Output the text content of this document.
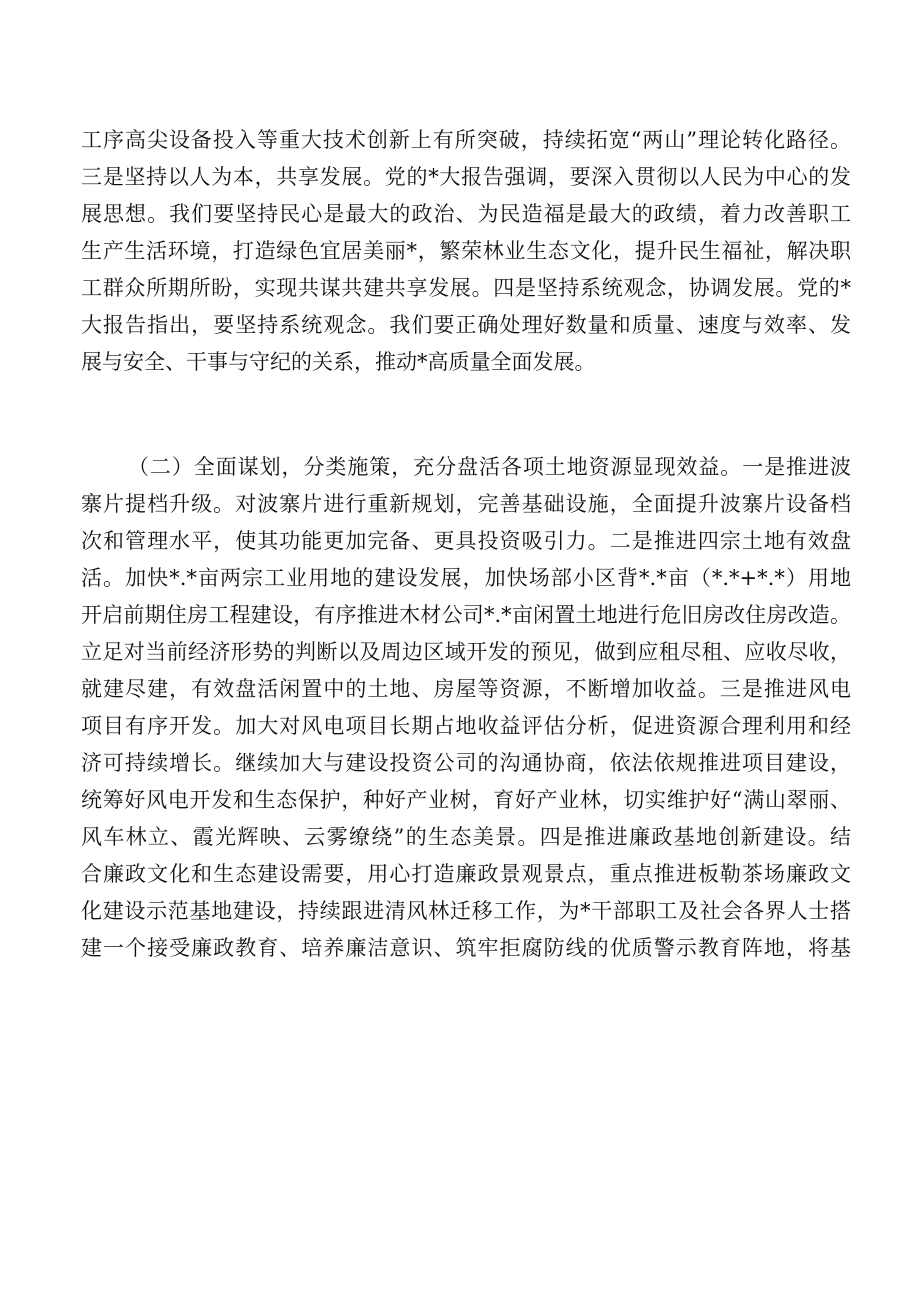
工序高尖设备投入等重大技术创新上有所突破，持续拓宽“两山”理论转化路径。
三是坚持以人为本，共享发展。党的*大报告强调，要深入贯彻以人民为中心的发
展思想。我们要坚持民心是最大的政治、为民造福是最大的政绩，着力改善职工
生产生活环境，打造绿色宜居美丽*，繁荣林业生态文化，提升民生福祉，解决职
工群众所期所盼，实现共谋共建共享发展。四是坚持系统观念，协调发展。党的*
大报告指出，要坚持系统观念。我们要正确处理好数量和质量、速度与效率、发
展与安全、干事与守纪的关系，推动*高质量全面发展。
（二）全面谋划，分类施策，充分盘活各项土地资源显现效益。一是推进波
寨片提档升级。对波寨片进行重新规划，完善基础设施，全面提升波寨片设备档
次和管理水平，使其功能更加完备、更具投资吸引力。二是推进四宗土地有效盘
活。加快*.*亩两宗工业用地的建设发展，加快场部小区背*.*亩（*.*+*.*）用地
开启前期住房工程建设，有序推进木材公司*.*亩闲置土地进行危旧房改住房改造。
立足对当前经济形势的判断以及周边区域开发的预见，做到应租尽租、应收尽收，
就建尽建，有效盘活闲置中的土地、房屋等资源，不断增加收益。三是推进风电
项目有序开发。加大对风电项目长期占地收益评估分析，促进资源合理利用和经
济可持续增长。继续加大与建设投资公司的沟通协商，依法依规推进项目建设，
统筹好风电开发和生态保护，种好产业树，育好产业林，切实维护好“满山翠丽、
风车林立、霞光辉映、云雾缭绕”的生态美景。四是推进廉政基地创新建设。结
合廉政文化和生态建设需要，用心打造廉政景观景点，重点推进板勒茶场廉政文
化建设示范基地建设，持续跟进清风林迁移工作，为*干部职工及社会各界人士搭
建一个接受廉政教育、培养廉洁意识、筑牢拒腐防线的优质警示教育阵地，将基
